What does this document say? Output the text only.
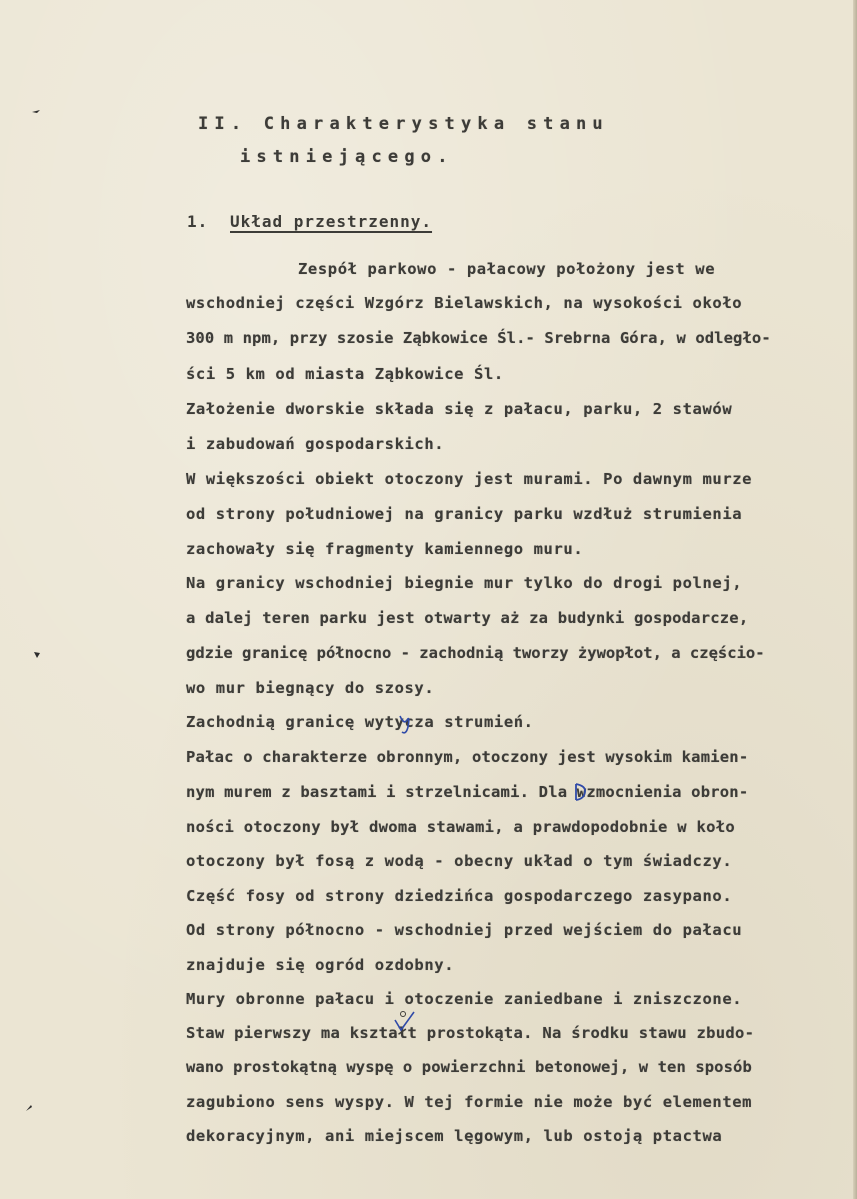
II. Charakterystyka stanu
istniejącego.
1. Układ przestrzenny.
Zespół parkowo - pałacowy położony jest we
wschodniej części Wzgórz Bielawskich, na wysokości około
300 m npm, przy szosie Ząbkowice Śl.- Srebrna Góra, w odległo-
ści 5 km od miasta Ząbkowice Śl.
Założenie dworskie składa się z pałacu, parku, 2 stawów
i zabudowań gospodarskich.
W większości obiekt otoczony jest murami. Po dawnym murze
od strony południowej na granicy parku wzdłuż strumienia
zachowały się fragmenty kamiennego muru.
Na granicy wschodniej biegnie mur tylko do drogi polnej,
a dalej teren parku jest otwarty aż za budynki gospodarcze,
gdzie granicę północno - zachodnią tworzy żywopłot, a częścio-
wo mur biegnący do szosy.
Zachodnią granicę wytycza strumień.
Pałac o charakterze obronnym, otoczony jest wysokim kamien-
nym murem z basztami i strzelnicami. Dla wzmocnienia obron-
ności otoczony był dwoma stawami, a prawdopodobnie w koło
otoczony był fosą z wodą - obecny układ o tym świadczy.
Część fosy od strony dziedzińca gospodarczego zasypano.
Od strony północno - wschodniej przed wejściem do pałacu
znajduje się ogród ozdobny.
Mury obronne pałacu i otoczenie zaniedbane i zniszczone.
Staw pierwszy ma kształt prostokąta. Na środku stawu zbudo-
wano prostokątną wyspę o powierzchni betonowej, w ten sposób
zagubiono sens wyspy. W tej formie nie może być elementem
dekoracyjnym, ani miejscem lęgowym, lub ostoją ptactwa
